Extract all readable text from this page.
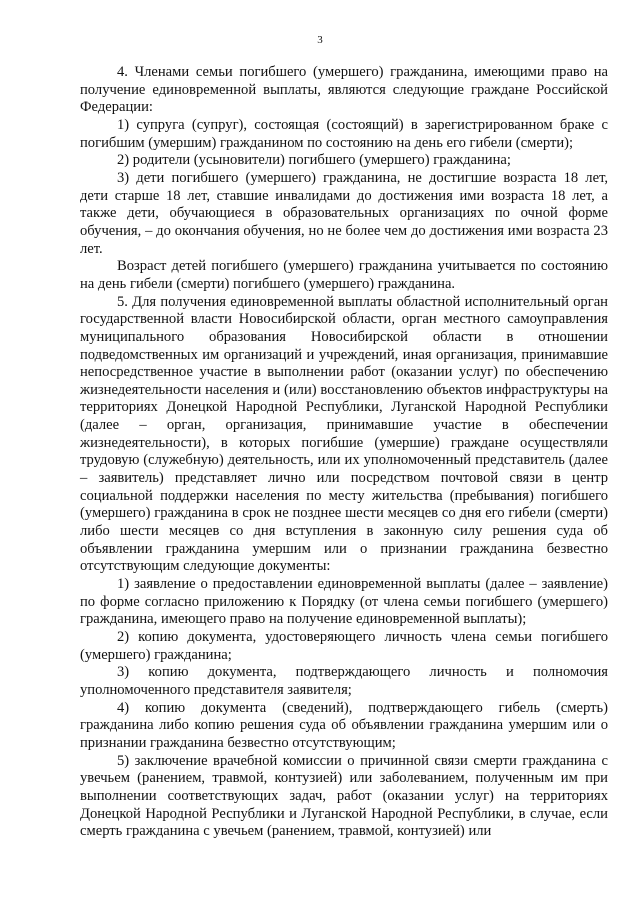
3

4. Членами семьи погибшего (умершего) гражданина, имеющими право на получение единовременной выплаты, являются следующие граждане Российской Федерации:

1) супруга (супруг), состоящая (состоящий) в зарегистрированном браке с погибшим (умершим) гражданином по состоянию на день его гибели (смерти);

2) родители (усыновители) погибшего (умершего) гражданина;

3) дети погибшего (умершего) гражданина, не достигшие возраста 18 лет, дети старше 18 лет, ставшие инвалидами до достижения ими возраста 18 лет, а также дети, обучающиеся в образовательных организациях по очной форме обучения, – до окончания обучения, но не более чем до достижения ими возраста 23 лет.

Возраст детей погибшего (умершего) гражданина учитывается по состоянию на день гибели (смерти) погибшего (умершего) гражданина.

5. Для получения единовременной выплаты областной исполнительный орган государственной власти Новосибирской области, орган местного самоуправления муниципального образования Новосибирской области в отношении подведомственных им организаций и учреждений, иная организация, принимавшие непосредственное участие в выполнении работ (оказании услуг) по обеспечению жизнедеятельности населения и (или) восстановлению объектов инфраструктуры на территориях Донецкой Народной Республики, Луганской Народной Республики (далее – орган, организация, принимавшие участие в обеспечении жизнедеятельности), в которых погибшие (умершие) граждане осуществляли трудовую (служебную) деятельность, или их уполномоченный представитель (далее – заявитель) представляет лично или посредством почтовой связи в центр социальной поддержки населения по месту жительства (пребывания) погибшего (умершего) гражданина в срок не позднее шести месяцев со дня его гибели (смерти) либо шести месяцев со дня вступления в законную силу решения суда об объявлении гражданина умершим или о признании гражданина безвестно отсутствующим следующие документы:

1) заявление о предоставлении единовременной выплаты (далее – заявление) по форме согласно приложению к Порядку (от члена семьи погибшего (умершего) гражданина, имеющего право на получение единовременной выплаты);

2) копию документа, удостоверяющего личность члена семьи погибшего (умершего) гражданина;

3) копию документа, подтверждающего личность и полномочия уполномоченного представителя заявителя;

4) копию документа (сведений), подтверждающего гибель (смерть) гражданина либо копию решения суда об объявлении гражданина умершим или о признании гражданина безвестно отсутствующим;

5) заключение врачебной комиссии о причинной связи смерти гражданина с увечьем (ранением, травмой, контузией) или заболеванием, полученным им при выполнении соответствующих задач, работ (оказании услуг) на территориях Донецкой Народной Республики и Луганской Народной Республики, в случае, если смерть гражданина с увечьем (ранением, травмой, контузией) или
